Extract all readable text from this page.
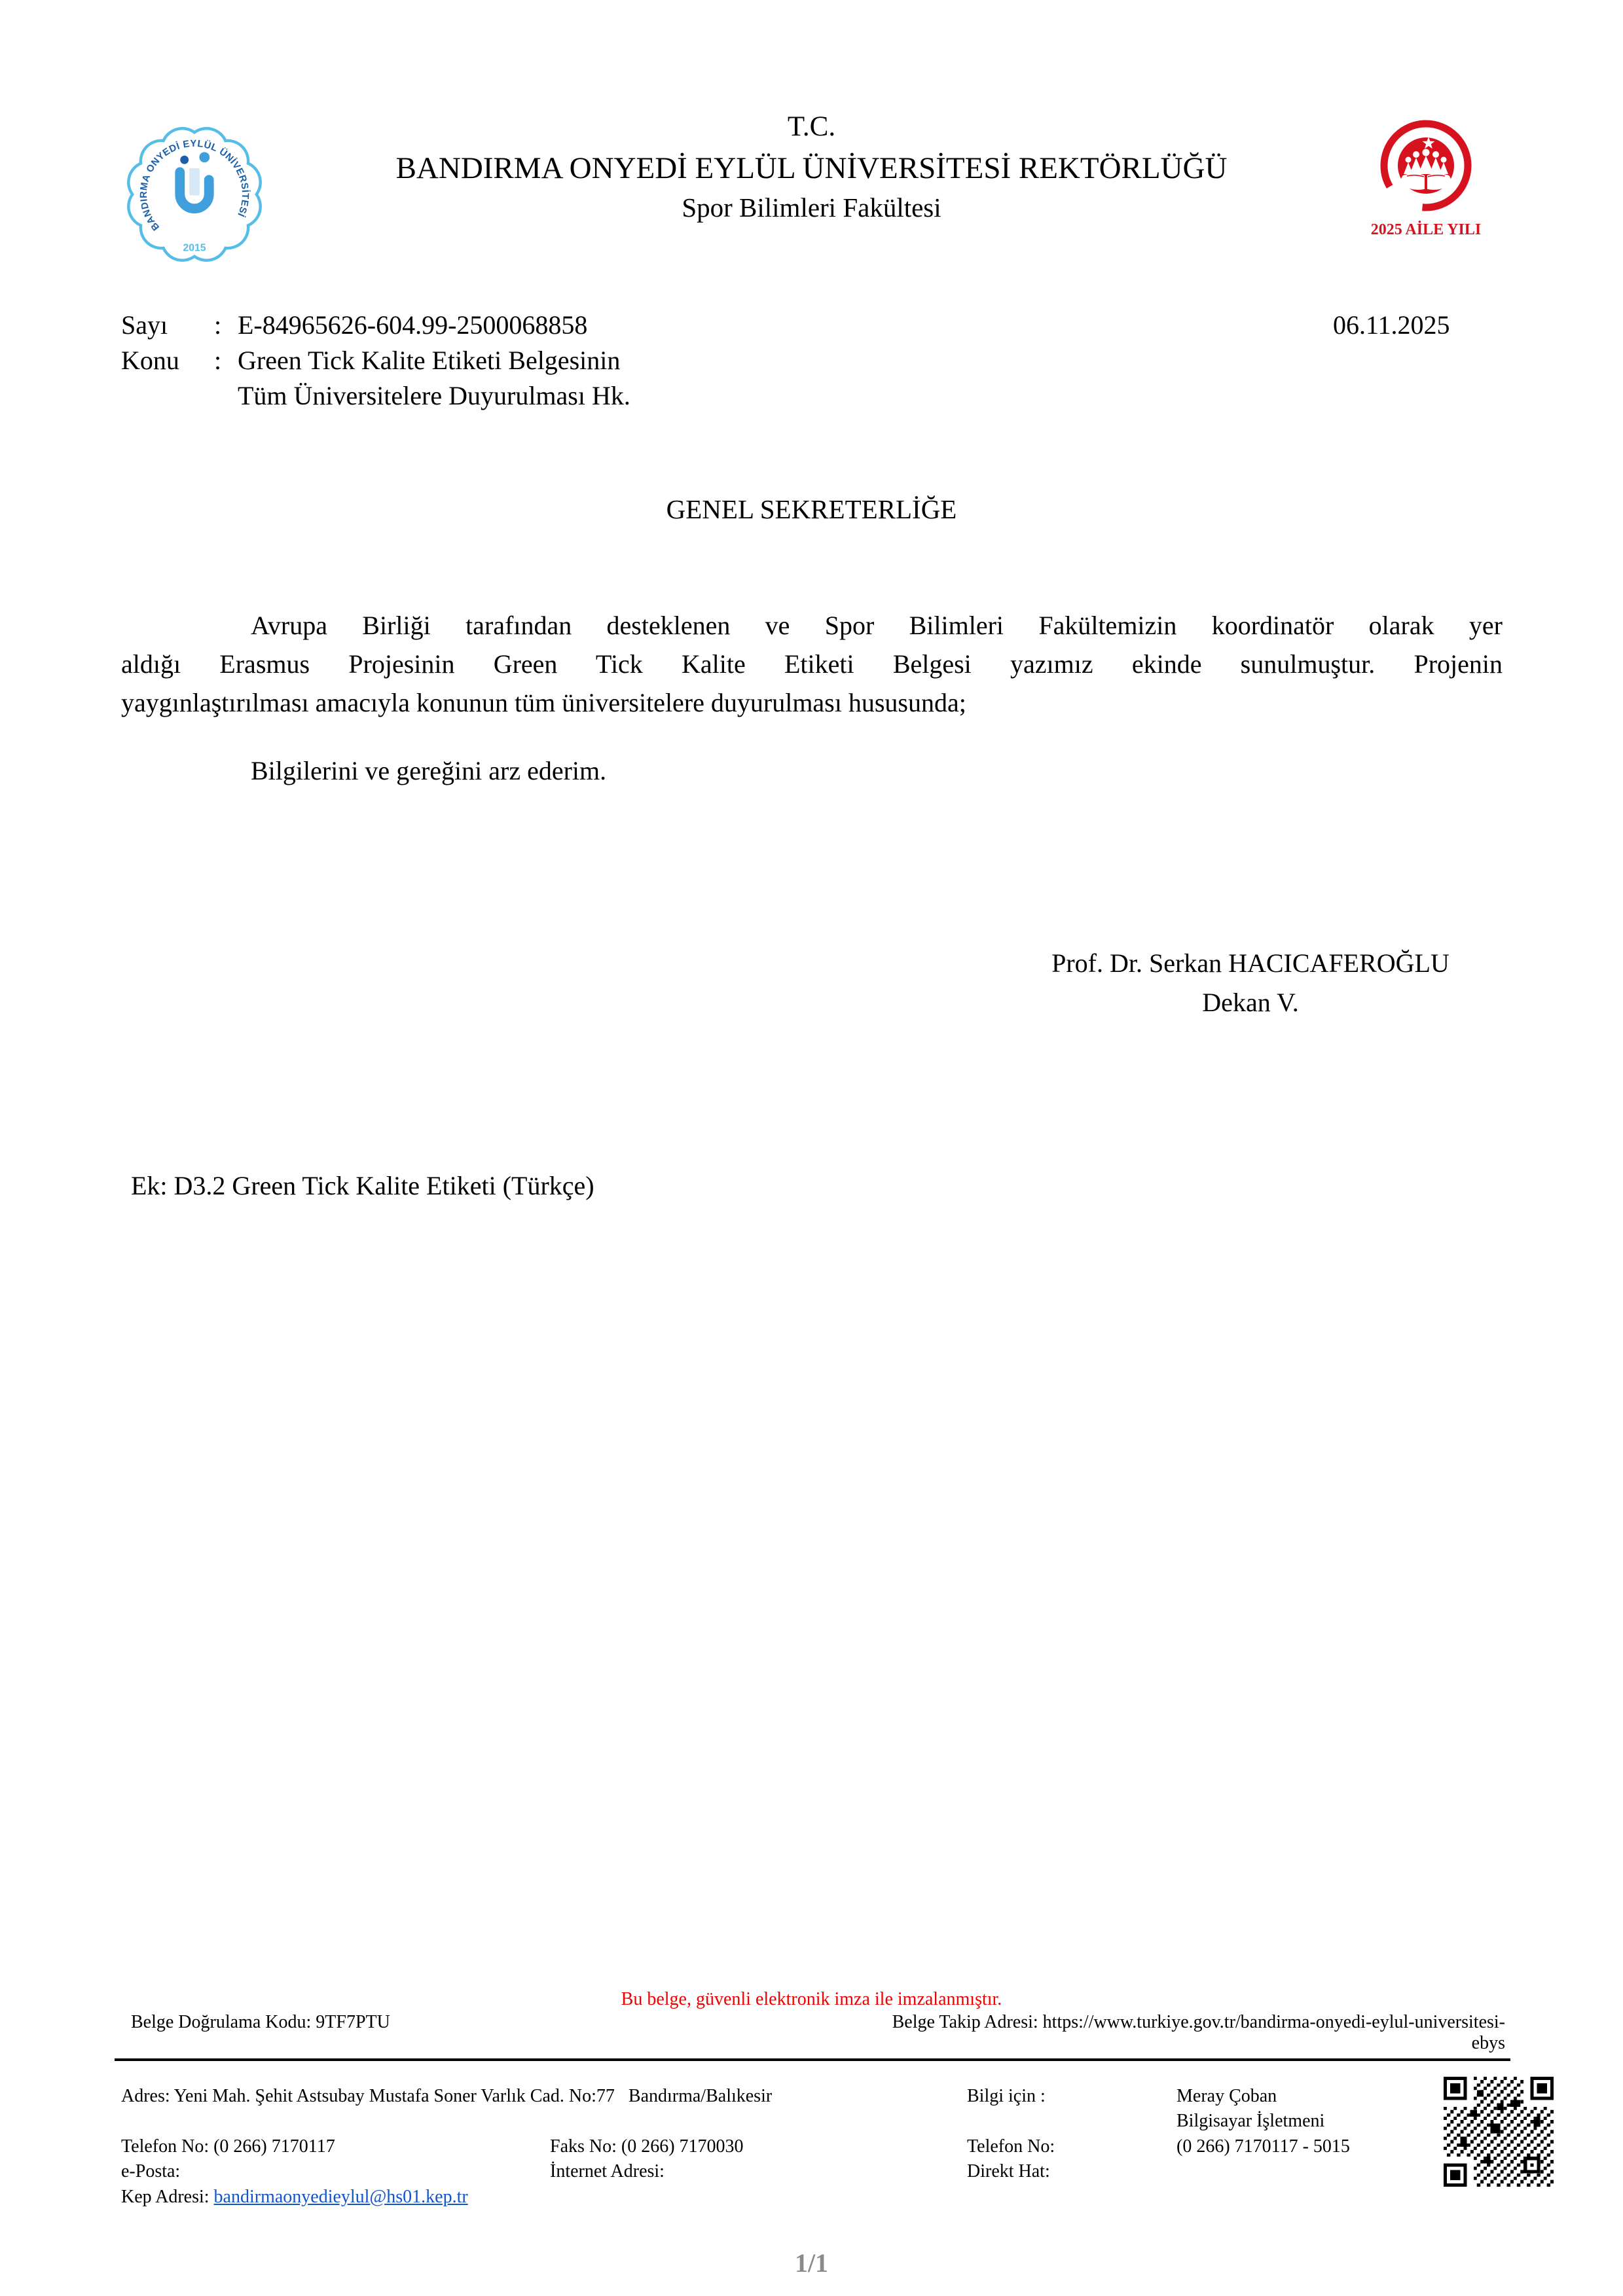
BANDIRMA ONYEDİ EYLÜL ÜNİVERSİTESİ
2015
T.C.
BANDIRMA ONYEDİ EYLÜL ÜNİVERSİTESİ REKTÖRLÜĞÜ
Spor Bilimleri Fakültesi
2025 AİLE YILI
Sayı	: E-84965626-604.99-2500068858	06.11.2025
Konu	: Green Tick Kalite Etiketi Belgesinin
Tüm Üniversitelere Duyurulması Hk.
GENEL SEKRETERLİĞE
Avrupa Birliği tarafından desteklenen ve Spor Bilimleri Fakültemizin koordinatör olarak yer
aldığı Erasmus Projesinin Green Tick Kalite Etiketi Belgesi yazımız ekinde sunulmuştur. Projenin
yaygınlaştırılması amacıyla konunun tüm üniversitelere duyurulması hususunda;
Bilgilerini ve gereğini arz ederim.
Prof. Dr. Serkan HACICAFEROĞLU
Dekan V.
Ek: D3.2 Green Tick Kalite Etiketi (Türkçe)
Bu belge, güvenli elektronik imza ile imzalanmıştır.
Belge Doğrulama Kodu: 9TF7PTU	Belge Takip Adresi: https://www.turkiye.gov.tr/bandirma-onyedi-eylul-universitesi-
ebys
Adres: Yeni Mah. Şehit Astsubay Mustafa Soner Varlık Cad. No:77   Bandırma/Balıkesir
Telefon No: (0 266) 7170117
e-Posta:
Kep Adresi: bandirmaonyedieylul@hs01.kep.tr
Faks No: (0 266) 7170030
İnternet Adresi:
Bilgi için :	Meray Çoban
Bilgisayar İşletmeni
Telefon No:	(0 266) 7170117 - 5015
Direkt Hat:
1/1
